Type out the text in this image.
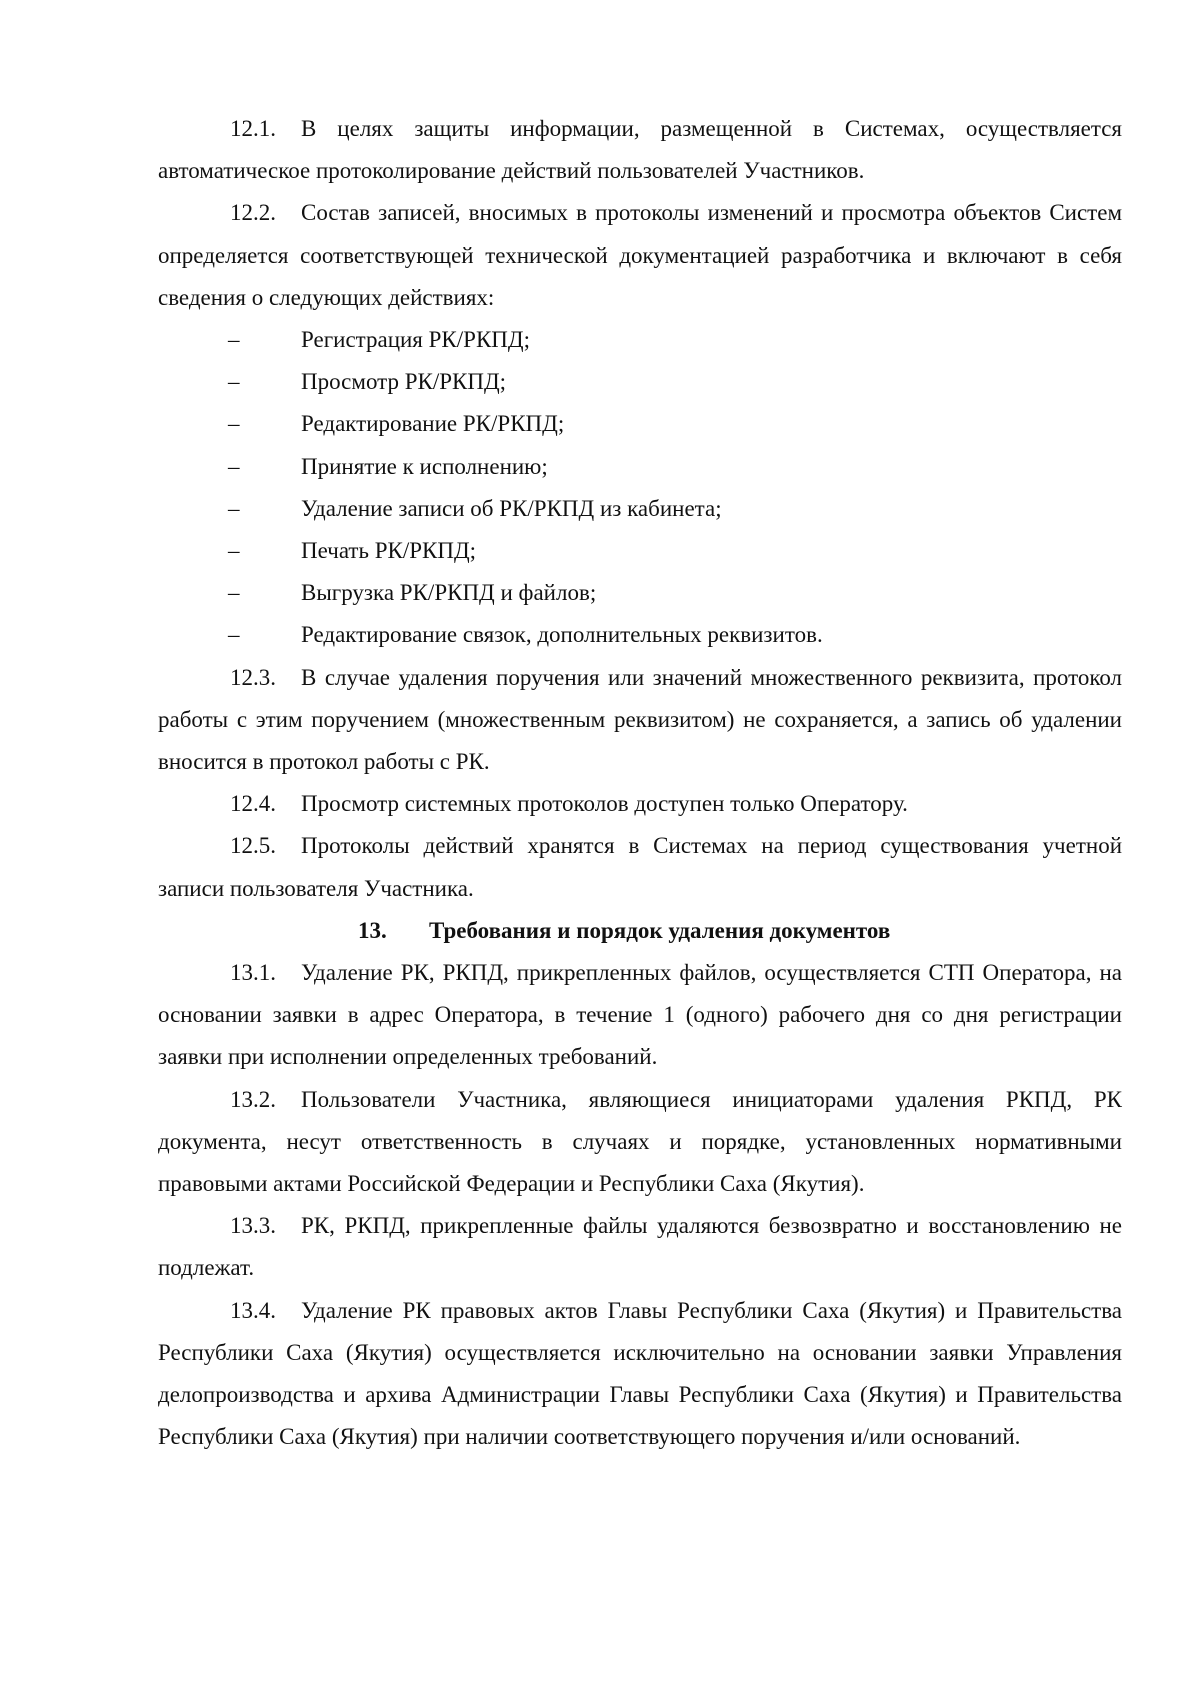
12.1. В целях защиты информации, размещенной в Системах, осуществляется автоматическое протоколирование действий пользователей Участников.

12.2. Состав записей, вносимых в протоколы изменений и просмотра объектов Систем определяется соответствующей технической документацией разработчика и включают в себя сведения о следующих действиях:

–	Регистрация РК/РКПД;
–	Просмотр РК/РКПД;
–	Редактирование РК/РКПД;
–	Принятие к исполнению;
–	Удаление записи об РК/РКПД из кабинета;
–	Печать РК/РКПД;
–	Выгрузка РК/РКПД и файлов;
–	Редактирование связок, дополнительных реквизитов.

12.3. В случае удаления поручения или значений множественного реквизита, протокол работы с этим поручением (множественным реквизитом) не сохраняется, а запись об удалении вносится в протокол работы с РК.

12.4. Просмотр системных протоколов доступен только Оператору.

12.5. Протоколы действий хранятся в Системах на период существования учетной записи пользователя Участника.

13. Требования и порядок удаления документов

13.1. Удаление РК, РКПД, прикрепленных файлов, осуществляется СТП Оператора, на основании заявки в адрес Оператора, в течение 1 (одного) рабочего дня со дня регистрации заявки при исполнении определенных требований.

13.2. Пользователи Участника, являющиеся инициаторами удаления РКПД, РК документа, несут ответственность в случаях и порядке, установленных нормативными правовыми актами Российской Федерации и Республики Саха (Якутия).

13.3. РК, РКПД, прикрепленные файлы удаляются безвозвратно и восстановлению не подлежат.

13.4. Удаление РК правовых актов Главы Республики Саха (Якутия) и Правительства Республики Саха (Якутия) осуществляется исключительно на основании заявки Управления делопроизводства и архива Администрации Главы Республики Саха (Якутия) и Правительства Республики Саха (Якутия) при наличии соответствующего поручения и/или оснований.
